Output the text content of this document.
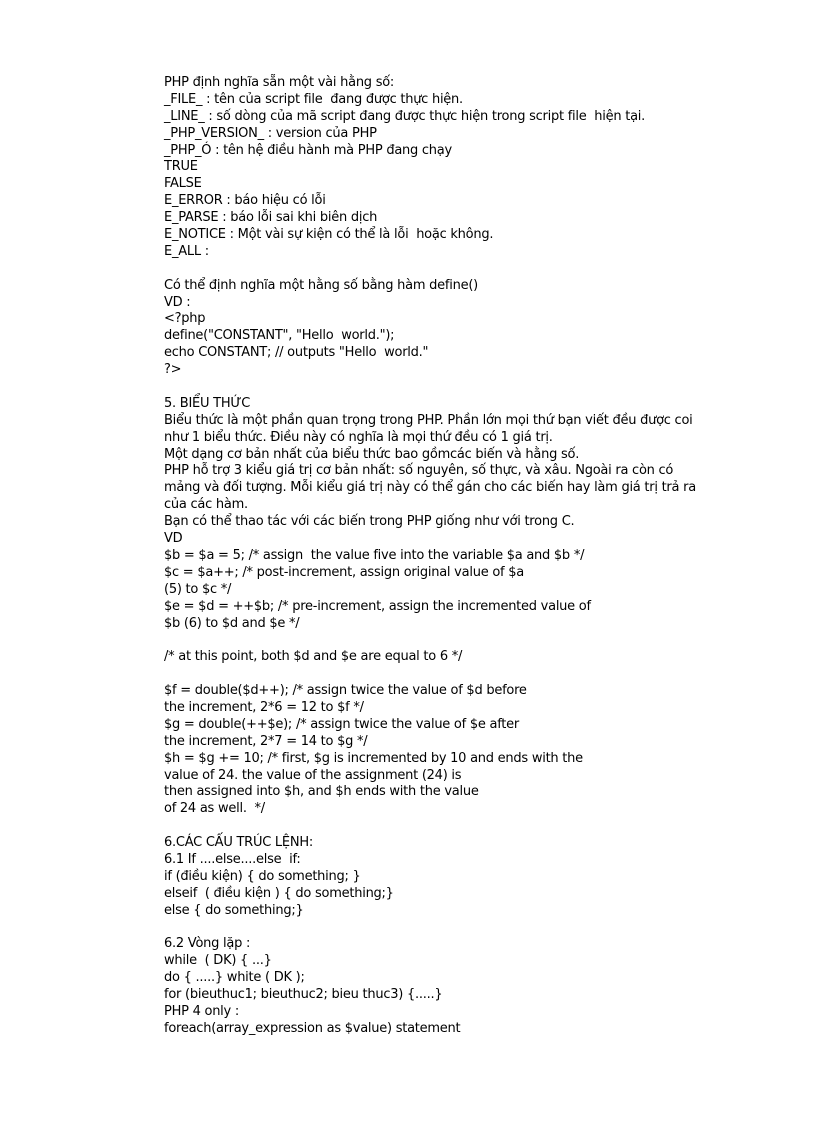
PHP định nghĩa sẵn một vài hằng số:
_FILE_ : tên của script file  đang được thực hiện.
_LINE_ : số dòng của mã script đang được thực hiện trong script file  hiện tại.
_PHP_VERSION_ : version của PHP
_PHP_Ó : tên hệ điều hành mà PHP đang chạy
TRUE
FALSE
E_ERROR : báo hiệu có lỗi
E_PARSE : báo lỗi sai khi biên dịch
E_NOTICE : Một vài sự kiện có thể là lỗi  hoặc không.
E_ALL :
Có thể định nghĩa một hằng số bằng hàm define()
VD :
<?php
define("CONSTANT", "Hello  world.");
echo CONSTANT; // outputs "Hello  world."
?>
5. BIỂU THỨC
Biểu thức là một phần quan trọng trong PHP. Phần lớn mọi thứ bạn viết đều được coi
như 1 biểu thức. Điều này có nghĩa là mọi thứ đều có 1 giá trị.
Một dạng cơ bản nhất của biểu thức bao gồmcác biến và hằng số.
PHP hỗ trợ 3 kiểu giá trị cơ bản nhất: số nguyên, số thực, và xâu. Ngoài ra còn có
mảng và đối tượng. Mỗi kiểu giá trị này có thể gán cho các biến hay làm giá trị trả ra
của các hàm.
Bạn có thể thao tác với các biến trong PHP giống như với trong C.
VD
$b = $a = 5; /* assign  the value five into the variable $a and $b */
$c = $a++; /* post-increment, assign original value of $a
(5) to $c */
$e = $d = ++$b; /* pre-increment, assign the incremented value of
$b (6) to $d and $e */
/* at this point, both $d and $e are equal to 6 */
$f = double($d++); /* assign twice the value of $d before
the increment, 2*6 = 12 to $f */
$g = double(++$e); /* assign twice the value of $e after
the increment, 2*7 = 14 to $g */
$h = $g += 10; /* first, $g is incremented by 10 and ends with the
value of 24. the value of the assignment (24) is
then assigned into $h, and $h ends with the value
of 24 as well.  */
6.CÁC CẤU TRÚC LỆNH:
6.1 If ....else....else  if:
if (điều kiện) { do something; }
elseif  ( điều kiện ) { do something;}
else { do something;}
6.2 Vòng lặp :
while  ( DK) { ...}
do { .....} white ( DK );
for (bieuthuc1; bieuthuc2; bieu thuc3) {.....}
PHP 4 only :
foreach(array_expression as $value) statement
